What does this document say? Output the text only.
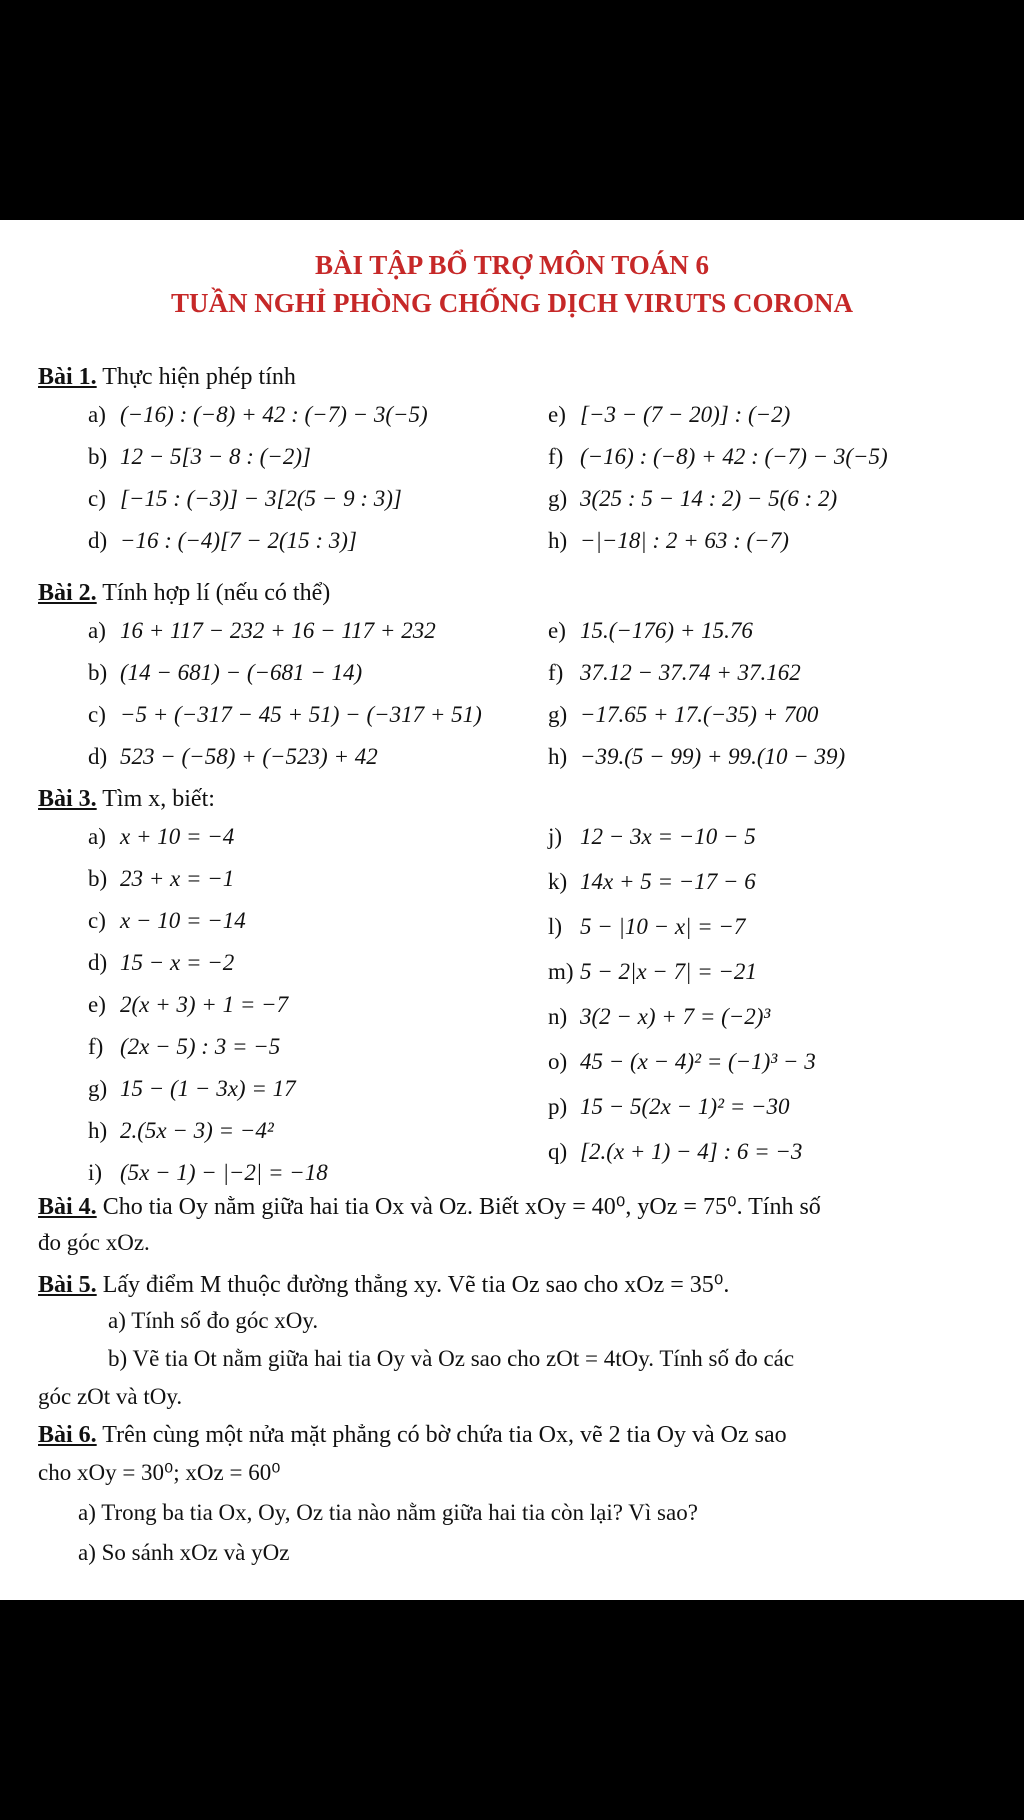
BÀI TẬP BỔ TRỢ MÔN TOÁN 6
TUẦN NGHỈ PHÒNG CHỐNG DỊCH VIRUTS CORONA
Bài 1. Thực hiện phép tính
a) (−16) : (−8) + 42 : (−7) − 3(−5)
b) 12 − 5[3 − 8 : (−2)]
c) [−15 : (−3)] − 3[2(5 − 9 : 3)]
d) −16 : (−4)[7 − 2(15 : 3)]
e) [−3 − (7 − 20)] : (−2)
f) (−16) : (−8) + 42 : (−7) − 3(−5)
g) 3(25 : 5 − 14 : 2) − 5(6 : 2)
h) −|−18| : 2 + 63 : (−7)
Bài 2. Tính hợp lí (nếu có thể)
a) 16 + 117 − 232 + 16 − 117 + 232
b) (14 − 681) − (−681 − 14)
c) −5 + (−317 − 45 + 51) − (−317 + 51)
d) 523 − (−58) + (−523) + 42
e) 15.(−176) + 15.76
f) 37.12 − 37.74 + 37.162
g) −17.65 + 17.(−35) + 700
h) −39.(5 − 99) + 99.(10 − 39)
Bài 3. Tìm x, biết:
a) x + 10 = −4
b) 23 + x = −1
c) x − 10 = −14
d) 15 − x = −2
e) 2(x + 3) + 1 = −7
f) (2x − 5) : 3 = −5
g) 15 − (1 − 3x) = 17
h) 2.(5x − 3) = −4²
i) (5x − 1) − |−2| = −18
j) 12 − 3x = −10 − 5
k) 14x + 5 = −17 − 6
l) 5 − |10 − x| = −7
m) 5 − 2|x − 7| = −21
n) 3(2 − x) + 7 = (−2)³
o) 45 − (x − 4)² = (−1)³ − 3
p) 15 − 5(2x − 1)² = −30
q) [2.(x + 1) − 4] : 6 = −3
Bài 4. Cho tia Oy nằm giữa hai tia Ox và Oz. Biết xOy = 40⁰, yOz = 75⁰. Tính số
đo góc xOz.
Bài 5. Lấy điểm M thuộc đường thẳng xy. Vẽ tia Oz sao cho xOz = 35⁰.
a) Tính số đo góc xOy.
b) Vẽ tia Ot nằm giữa hai tia Oy và Oz sao cho zOt = 4tOy. Tính số đo các
góc zOt và tOy.
Bài 6. Trên cùng một nửa mặt phẳng có bờ chứa tia Ox, vẽ 2 tia Oy và Oz sao
cho xOy = 30⁰; xOz = 60⁰
a) Trong ba tia Ox, Oy, Oz tia nào nằm giữa hai tia còn lại? Vì sao?
a) So sánh xOz và yOz
